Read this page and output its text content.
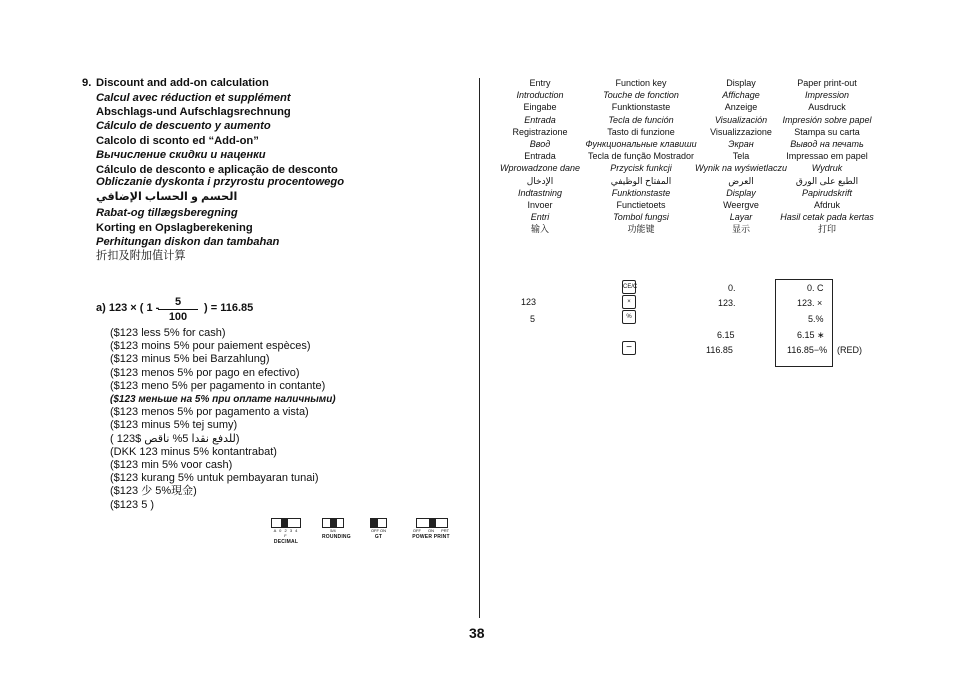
9. Discount and add-on calculation
Calcul avec réduction et supplément
Abschlags-und Aufschlagsrechnung
Cálculo de descuento y aumento
Calcolo di sconto ed “Add-on”
Вычисление скидки и наценки
Cálculo de desconto e aplicação de desconto
Obliczanie dyskonta i przyrostu procentowego
الحسم و الحساب الإضافي
Rabat-og tillægsberegning
Korting en Opslagberekening
Perhitungan diskon dan tambahan
折扣及附加值计算
a) 123 × ( 1 -	5
100
) = 116.85
($123 less 5% for cash)
($123 moins 5% pour paiement espèces)
($123 minus 5% bei Barzahlung)
($123 menos 5% por pago en efectivo)
($123 meno 5% per pagamento in contante)
($123 меньше на 5% при оплате наличными)
($123 menos 5% por pagamento a vista)
($123 minus 5% tej sumy)
( للدفع نقدا 5% ناقص $123)
(DKK 123 minus 5% kontantrabat)
($123 min 5% voor cash)
($123 kurang 5% untuk pembayaran tunai)
($123 少 5%現金)
($123 5 )
A 0 2 3 4 F
DECIMAL
5/4
ROUNDING
OFF ON
GT
OFF ON PRT
POWER PRINT
Entry
Introduction
Eingabe
Entrada
Registrazione
Ввод
Entrada
Wprowadzone dane
الإدخال
Indtastning
Invoer
Entri
输入
Function key
Touche de fonction
Funktionstaste
Tecla de función
Tasto di funzione
Функциональные клавиши
Tecla de função Mostrador
Przycisk funkcji
المفتاح الوظيفي
Funktionstaste
Functietoets
Tombol fungsi
功能键
Display
Affichage
Anzeige
Visualización
Visualizzazione
Экран
Tela
Wynik na wyświetlaczu
العرض
Display
Weergve
Layar
显示
Paper print-out
Impression
Ausdruck
Impresión sobre papel
Stampa su carta
Вывод на печать
Impressao em papel
Wydruk
الطبع على الورق
Papirudskrift
Afdruk
Hasil cetak pada kertas
打印
123
5
CE/C
×
%
−
0.
123.
6.15
116.85
0. C
123. ×
5.%
6.15 ∗
116.85−% (RED)
38
